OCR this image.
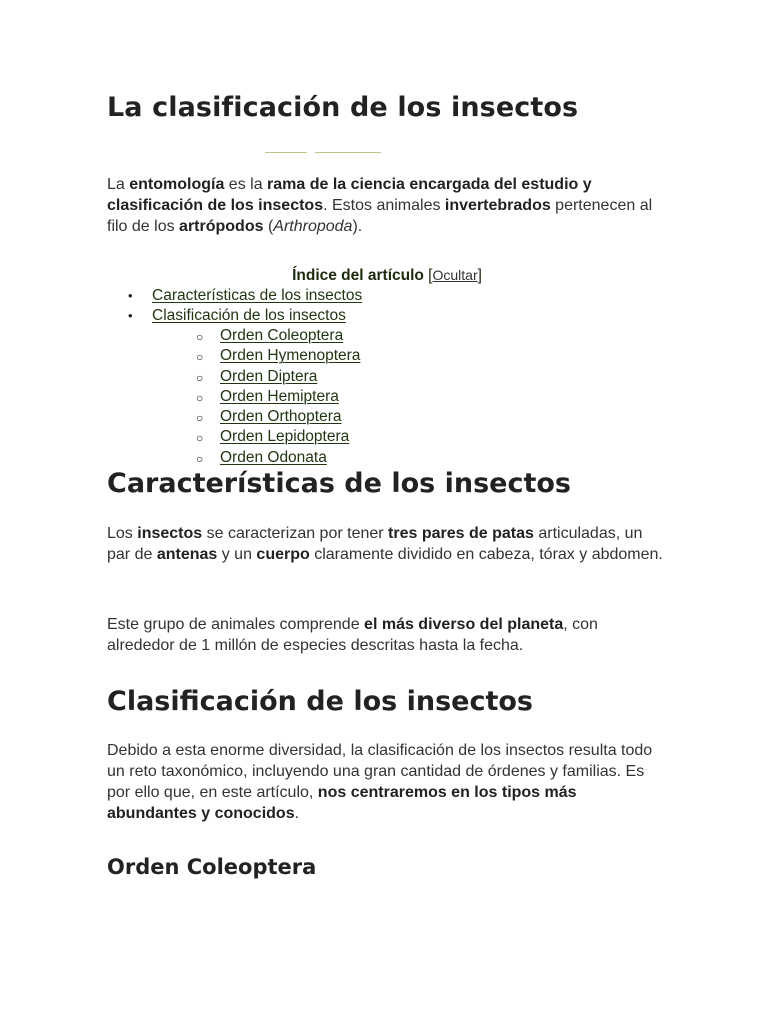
La clasificación de los insectos

La entomología es la rama de la ciencia encargada del estudio y clasificación de los insectos. Estos animales invertebrados pertenecen al filo de los artrópodos (Arthropoda).

Índice del artículo [Ocultar]
• Características de los insectos
• Clasificación de los insectos
○ Orden Coleoptera
○ Orden Hymenoptera
○ Orden Diptera
○ Orden Hemiptera
○ Orden Orthoptera
○ Orden Lepidoptera
○ Orden Odonata
Características de los insectos

Los insectos se caracterizan por tener tres pares de patas articuladas, un par de antenas y un cuerpo claramente dividido en cabeza, tórax y abdomen.

Este grupo de animales comprende el más diverso del planeta, con alrededor de 1 millón de especies descritas hasta la fecha.

Clasificación de los insectos

Debido a esta enorme diversidad, la clasificación de los insectos resulta todo un reto taxonómico, incluyendo una gran cantidad de órdenes y familias. Es por ello que, en este artículo, nos centraremos en los tipos más abundantes y conocidos.

Orden Coleoptera
